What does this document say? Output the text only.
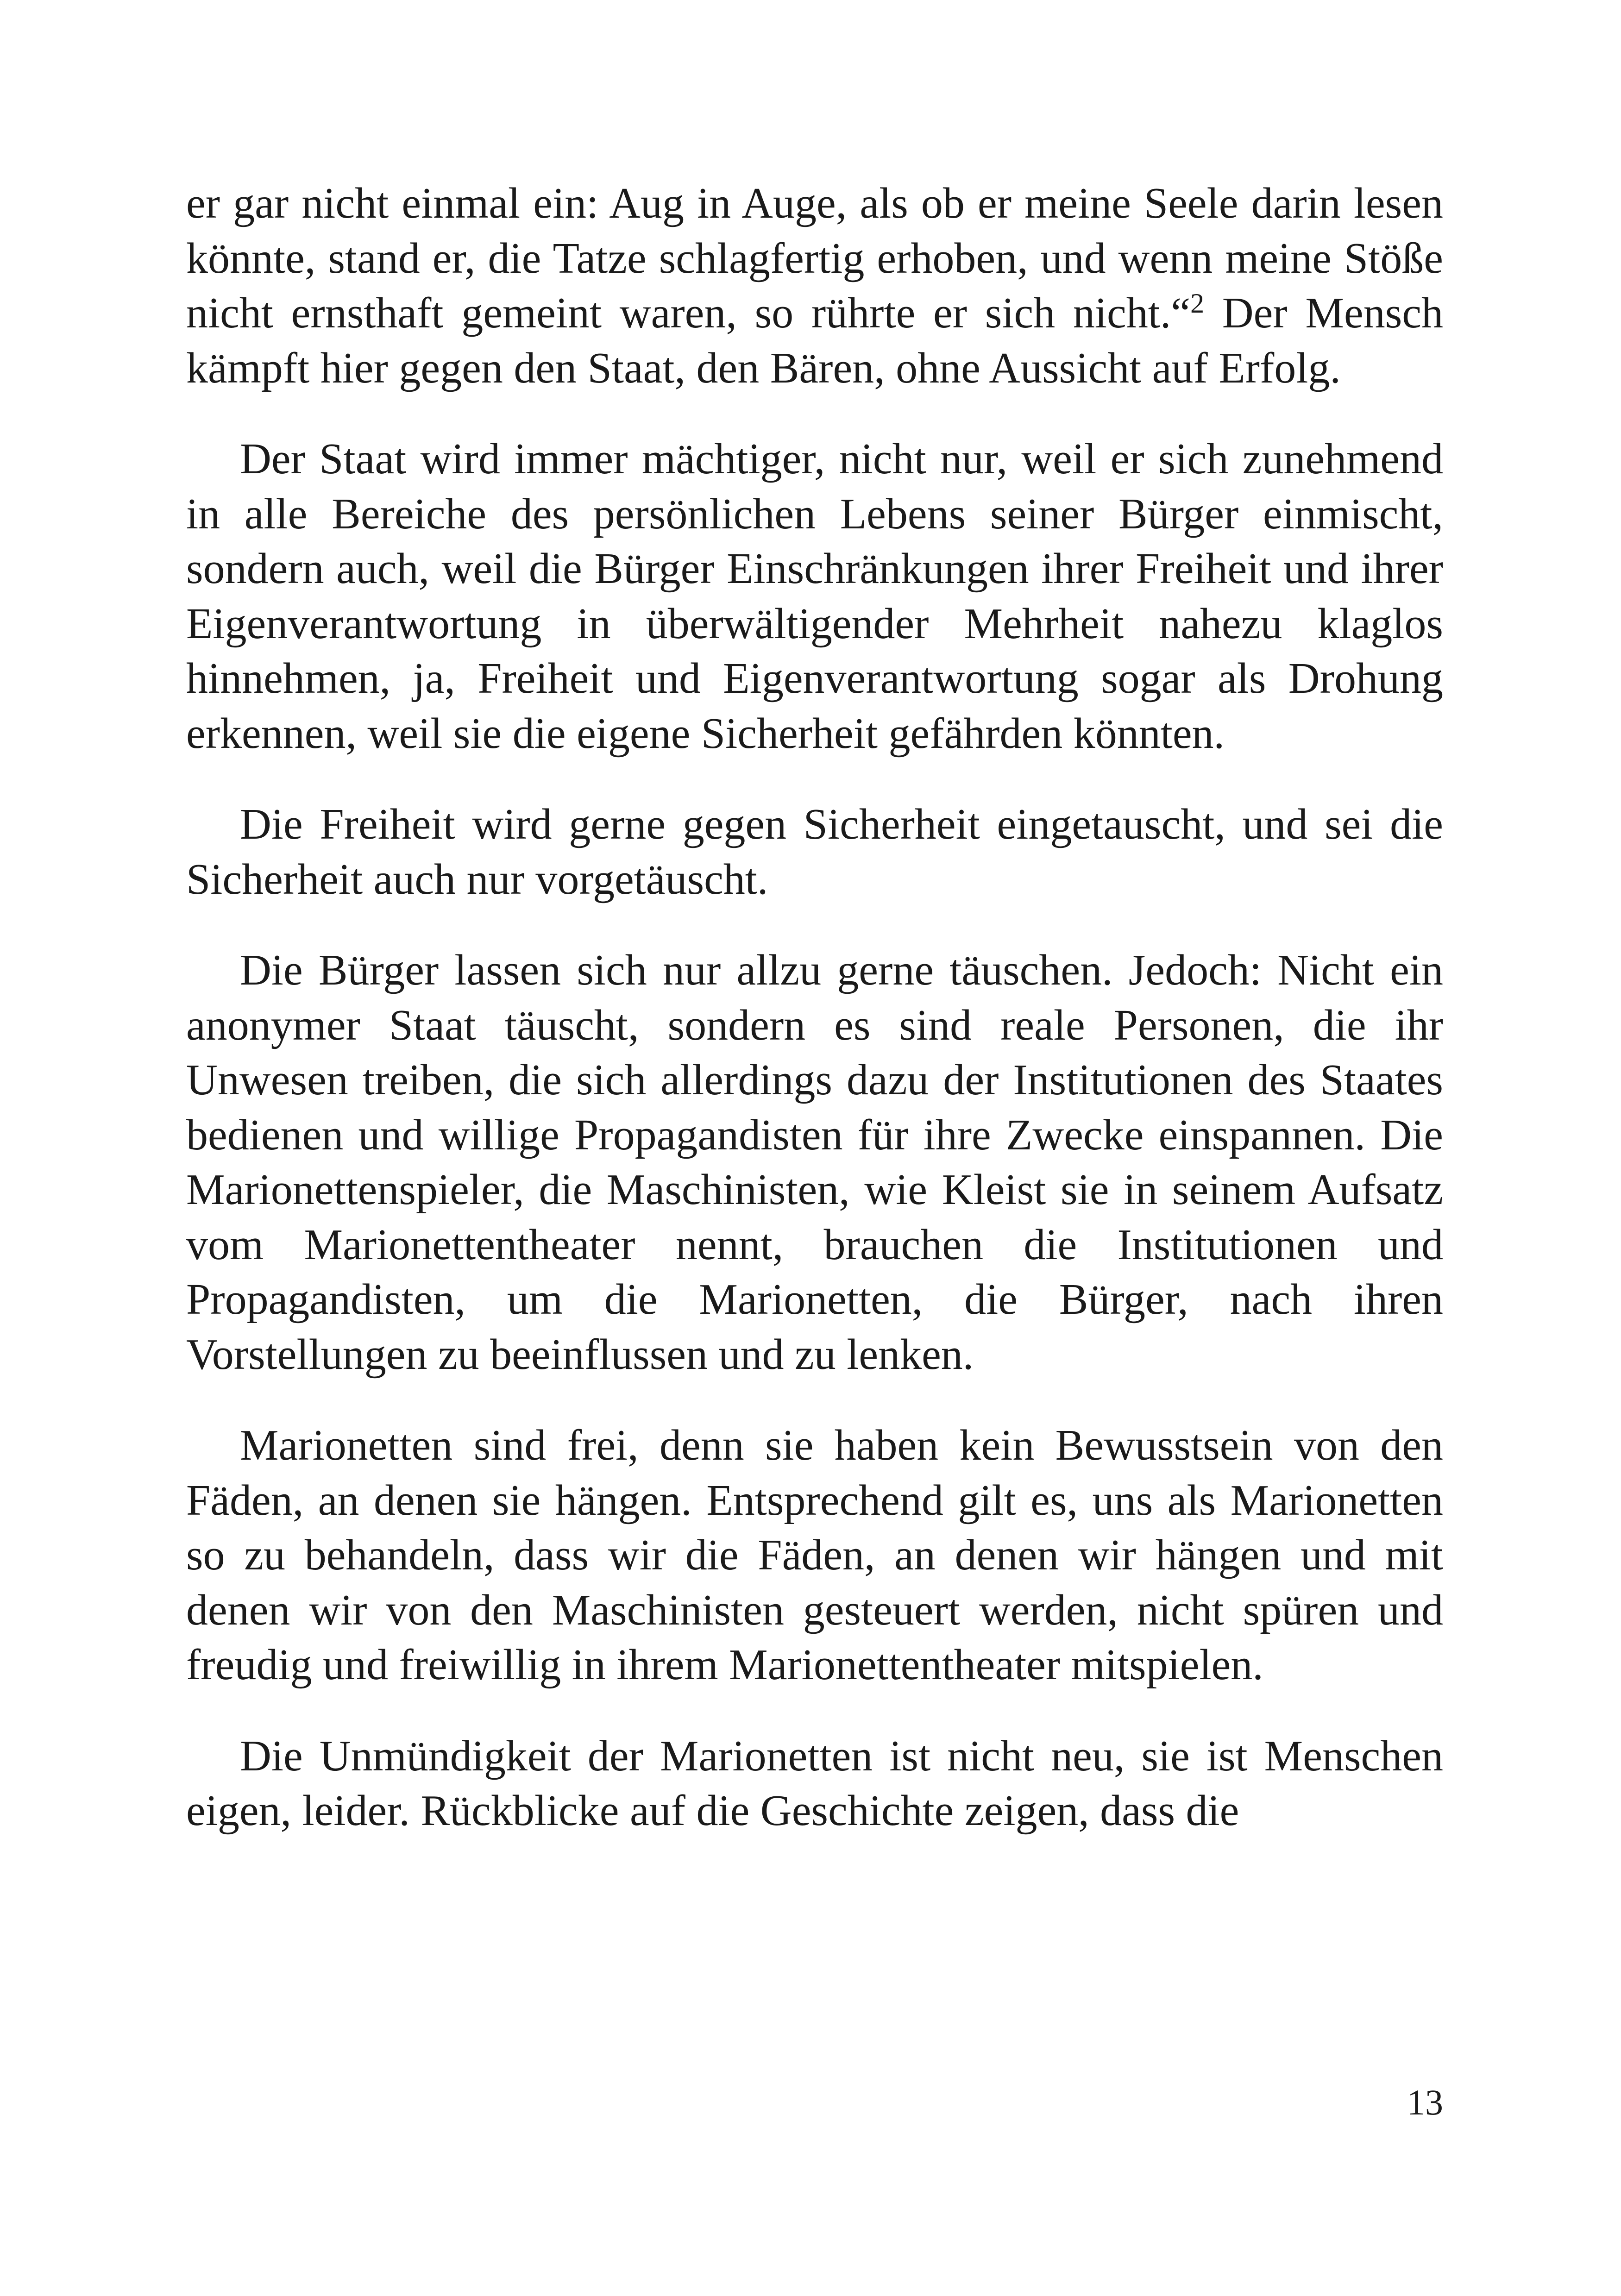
er gar nicht einmal ein: Aug in Auge, als ob er meine Seele darin lesen könnte, stand er, die Tatze schlagfertig erhoben, und wenn meine Stöße nicht ernsthaft gemeint waren, so rührte er sich nicht.“$^2$ Der Mensch kämpft hier gegen den Staat, den Bären, ohne Aussicht auf Erfolg.

Der Staat wird immer mächtiger, nicht nur, weil er sich zunehmend in alle Bereiche des persönlichen Lebens seiner Bürger einmischt, sondern auch, weil die Bürger Einschränkungen ihrer Freiheit und ihrer Eigenverantwortung in überwältigender Mehrheit nahezu klaglos hinnehmen, ja, Freiheit und Eigenverantwortung sogar als Drohung erkennen, weil sie die eigene Sicherheit gefährden könnten.

Die Freiheit wird gerne gegen Sicherheit eingetauscht, und sei die Sicherheit auch nur vorgetäuscht.

Die Bürger lassen sich nur allzu gerne täuschen. Jedoch: Nicht ein anonymer Staat täuscht, sondern es sind reale Personen, die ihr Unwesen treiben, die sich allerdings dazu der Institutionen des Staates bedienen und willige Propagandisten für ihre Zwecke einspannen. Die Marionettenspieler, die Maschinisten, wie Kleist sie in seinem Aufsatz vom Marionettentheater nennt, brauchen die Institutionen und Propagandisten, um die Marionetten, die Bürger, nach ihren Vorstellungen zu beeinflussen und zu lenken.

Marionetten sind frei, denn sie haben kein Bewusstsein von den Fäden, an denen sie hängen. Entsprechend gilt es, uns als Marionetten so zu behandeln, dass wir die Fäden, an denen wir hängen und mit denen wir von den Maschinisten gesteuert werden, nicht spüren und freudig und freiwillig in ihrem Marionettentheater mitspielen.

Die Unmündigkeit der Marionetten ist nicht neu, sie ist Menschen eigen, leider. Rückblicke auf die Geschichte zeigen, dass die

13
